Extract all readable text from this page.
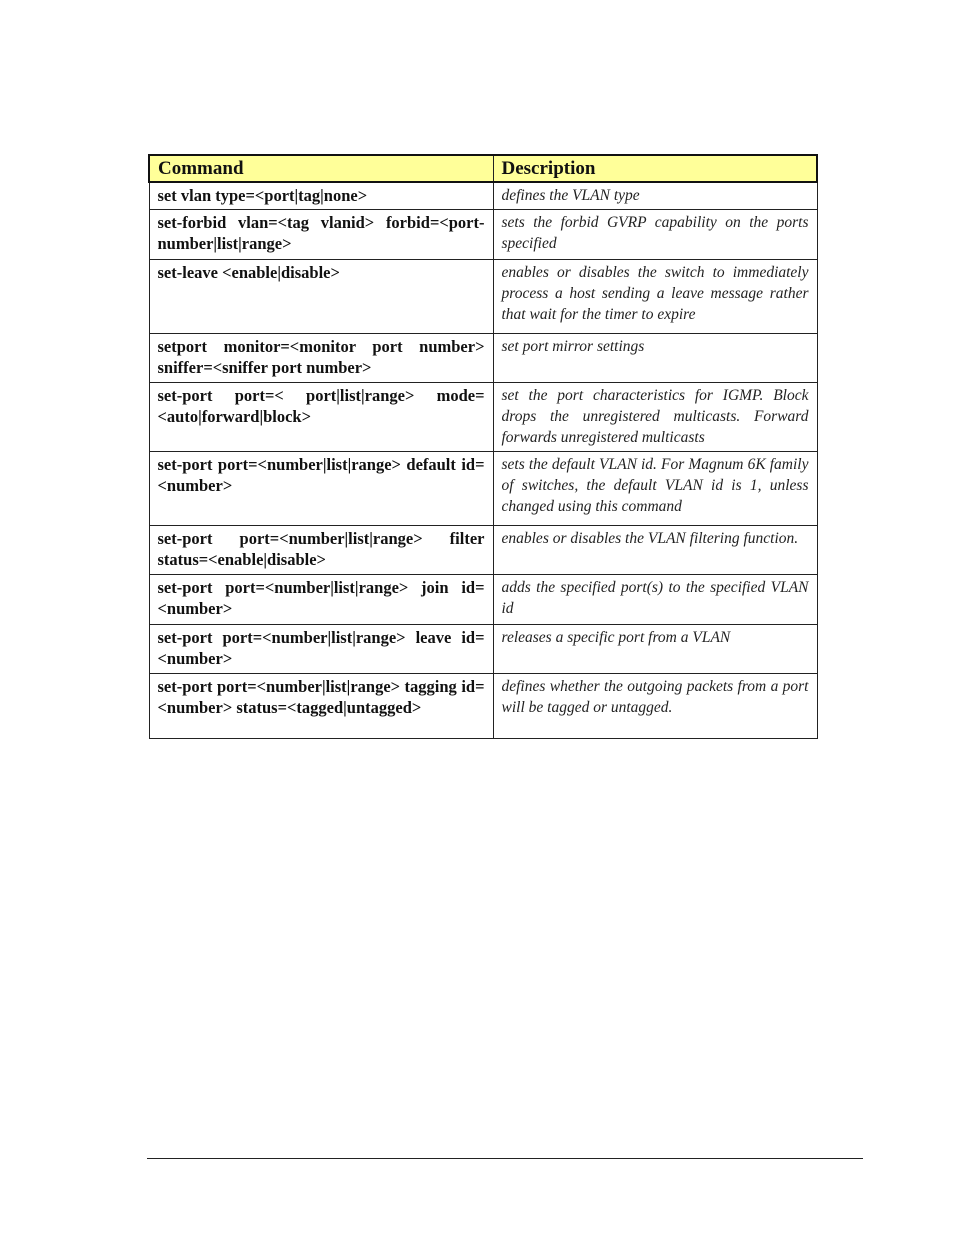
Command	Description
set vlan type=<port|tag|none>	defines the VLAN type
set-forbid vlan=<tag vlanid> forbid=<port-number|list|range>	sets the forbid GVRP capability on the ports specified
set-leave <enable|disable>	enables or disables the switch to immediately process a host sending a leave message rather that wait for the timer to expire
setport monitor=<monitor port number> sniffer=<sniffer port number>	set port mirror settings
set-port port=< port|list|range> mode=<auto|forward|block>	set the port characteristics for IGMP. Block drops the unregistered multicasts. Forward forwards unregistered multicasts
set-port port=<number|list|range> default id=<number>	sets the default VLAN id. For Magnum 6K family of switches, the default VLAN id is 1, unless changed using this command
set-port port=<number|list|range> filter status=<enable|disable>	enables or disables the VLAN filtering function.
set-port port=<number|list|range> join id=<number>	adds the specified port(s) to the specified VLAN id
set-port port=<number|list|range> leave id=<number>	releases a specific port from a VLAN
set-port port=<number|list|range> tagging id=<number> status=<tagged|untagged>	defines whether the outgoing packets from a port will be tagged or untagged.
